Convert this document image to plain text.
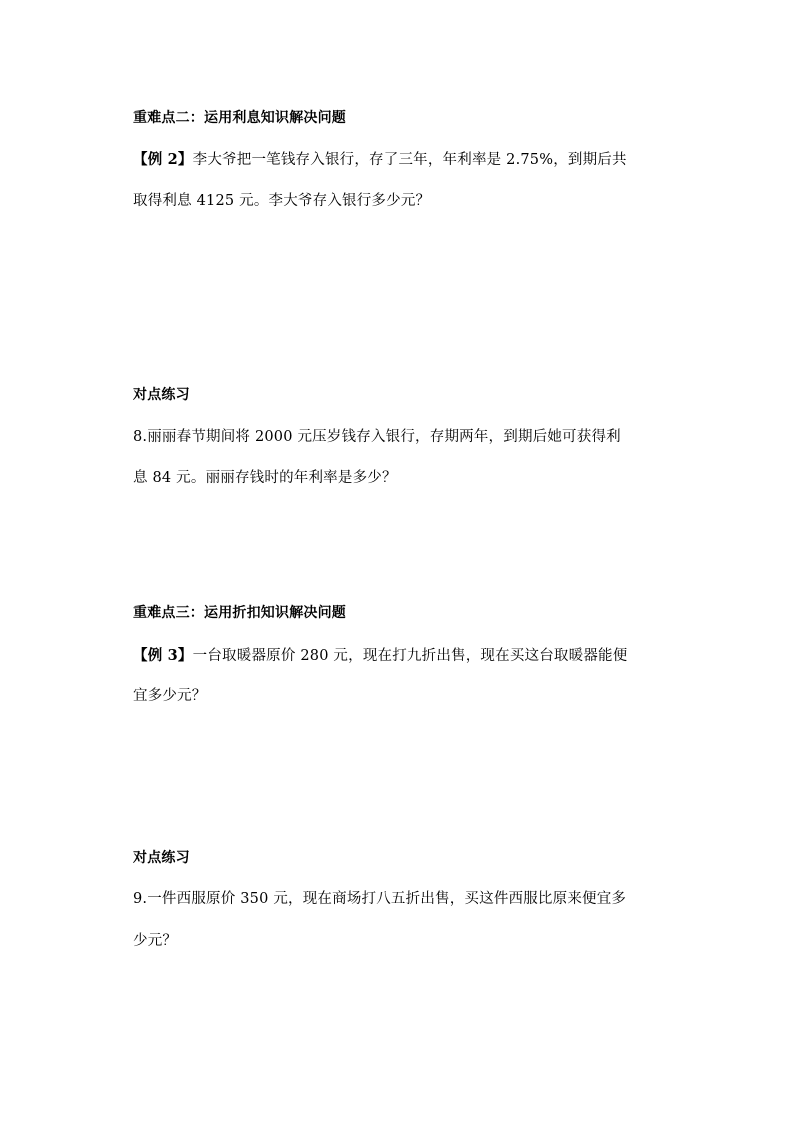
重难点二：运用利息知识解决问题
【例 2】李大爷把一笔钱存入银行，存了三年，年利率是 2.75%，到期后共
取得利息 4125 元。李大爷存入银行多少元？
对点练习
8.丽丽春节期间将 2000 元压岁钱存入银行，存期两年，到期后她可获得利
息 84 元。丽丽存钱时的年利率是多少？
重难点三：运用折扣知识解决问题
【例 3】一台取暖器原价 280 元，现在打九折出售，现在买这台取暖器能便
宜多少元？
对点练习
9.一件西服原价 350 元，现在商场打八五折出售，买这件西服比原来便宜多
少元？
